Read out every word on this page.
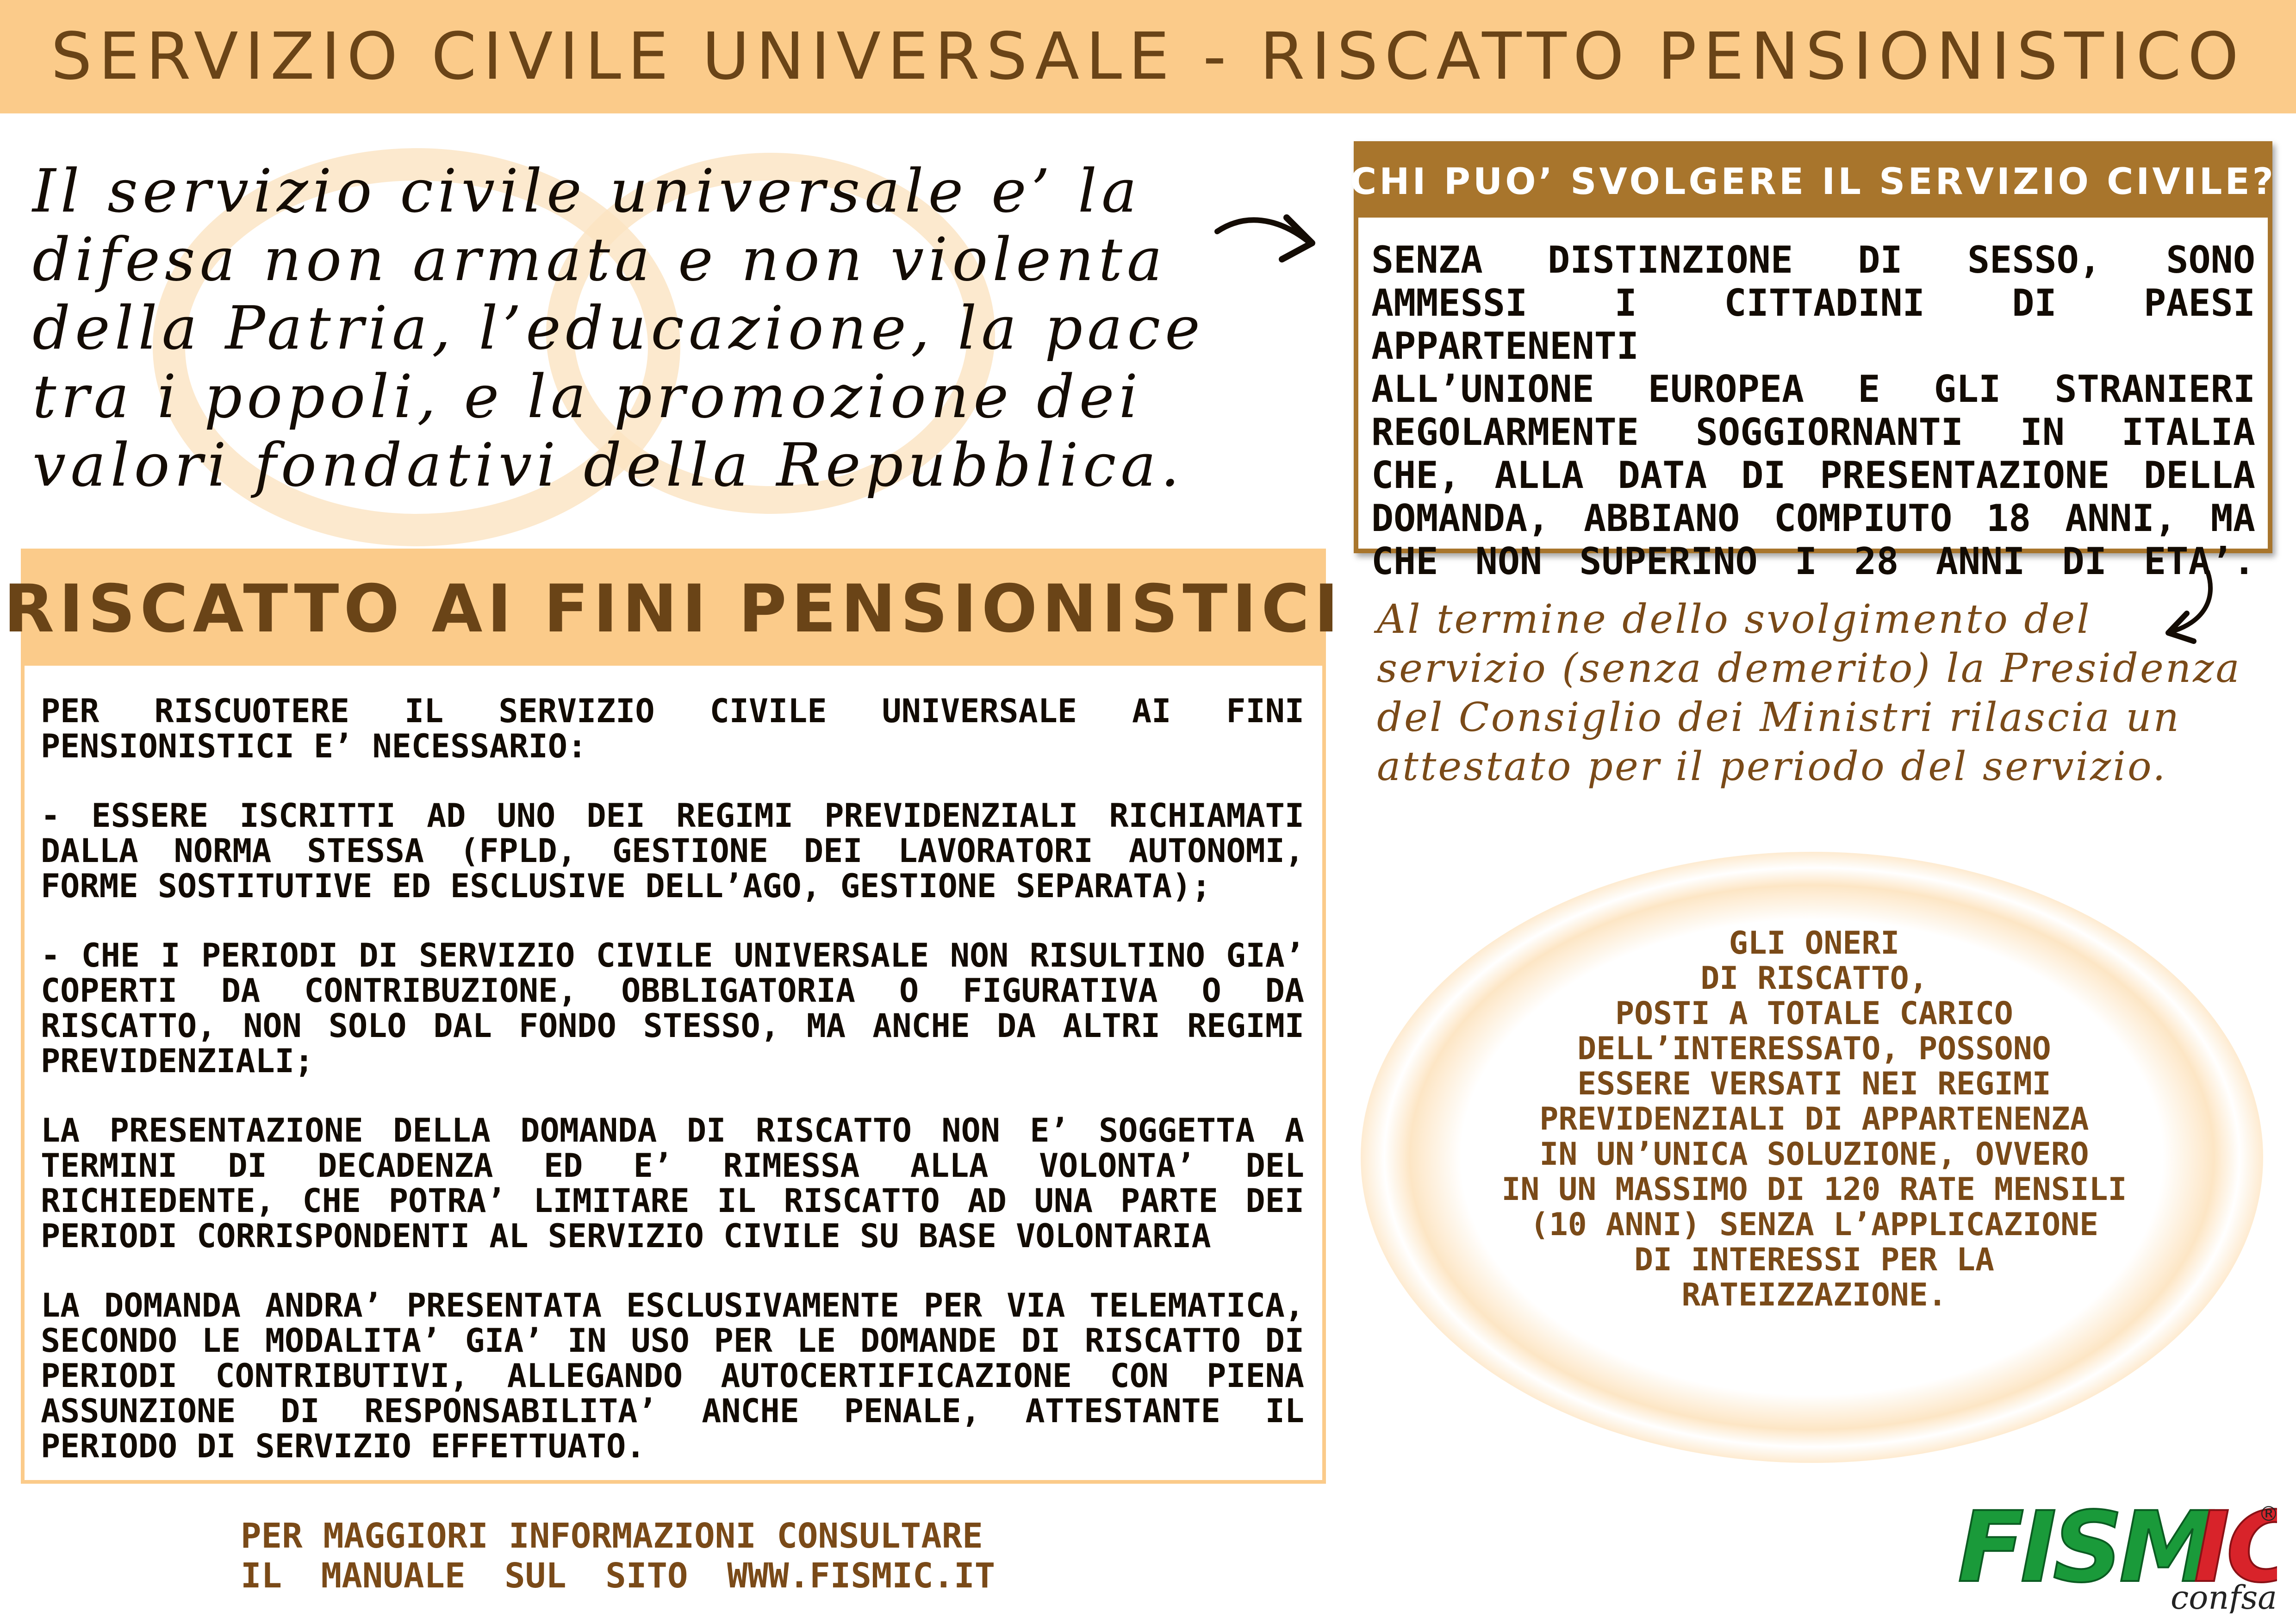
SERVIZIO CIVILE UNIVERSALE - RISCATTO PENSIONISTICO
Il servizio civile universale e’ la
difesa non armata e non violenta
della Patria, l’educazione, la pace
tra i popoli, e la promozione dei
valori fondativi della Repubblica.
CHI PUO’ SVOLGERE IL SERVIZIO CIVILE?
SENZA DISTINZIONE DI SESSO, SONO
AMMESSI I CITTADINI DI PAESI APPARTENENTI
ALL’UNIONE EUROPEA E GLI STRANIERI
REGOLARMENTE SOGGIORNANTI IN ITALIA
CHE, ALLA DATA DI PRESENTAZIONE DELLA
DOMANDA, ABBIANO COMPIUTO 18 ANNI, MA
CHE NON SUPERINO I 28 ANNI DI ETA’.
Al termine dello svolgimento del servizio (senza demerito) la Presidenza del Consiglio dei Ministri rilascia un attestato per il periodo del servizio.
RISCATTO AI FINI PENSIONISTICI

PER RISCUOTERE IL SERVIZIO CIVILE UNIVERSALE AI FINI PENSIONISTICI E’ NECESSARIO:

- ESSERE ISCRITTI AD UNO DEI REGIMI PREVIDENZIALI RICHIAMATI DALLA NORMA STESSA (FPLD, GESTIONE DEI LAVORATORI AUTONOMI, FORME SOSTITUTIVE ED ESCLUSIVE DELL’AGO, GESTIONE SEPARATA);

- CHE I PERIODI DI SERVIZIO CIVILE UNIVERSALE NON RISULTINO GIA’ COPERTI DA CONTRIBUZIONE, OBBLIGATORIA O FIGURATIVA O DA RISCATTO, NON SOLO DAL FONDO STESSO, MA ANCHE DA ALTRI REGIMI PREVIDENZIALI;

LA PRESENTAZIONE DELLA DOMANDA DI RISCATTO NON E’ SOGGETTA A TERMINI DI DECADENZA ED E’ RIMESSA ALLA VOLONTA’ DEL RICHIEDENTE, CHE POTRA’ LIMITARE IL RISCATTO AD UNA PARTE DEI PERIODI CORRISPONDENTI AL SERVIZIO CIVILE SU BASE VOLONTARIA

LA DOMANDA ANDRA’ PRESENTATA ESCLUSIVAMENTE PER VIA TELEMATICA, SECONDO LE MODALITA’ GIA’ IN USO PER LE DOMANDE DI RISCATTO DI PERIODI CONTRIBUTIVI, ALLEGANDO AUTOCERTIFICAZIONE CON PIENA ASSUNZIONE DI RESPONSABILITA’ ANCHE PENALE, ATTESTANTE IL PERIODO DI SERVIZIO EFFETTUATO.

GLI ONERI
DI RISCATTO,
POSTI A TOTALE CARICO
DELL’INTERESSATO, POSSONO
ESSERE VERSATI NEI REGIMI
PREVIDENZIALI DI APPARTENENZA
IN UN’UNICA SOLUZIONE, OVVERO
IN UN MASSIMO DI 120 RATE MENSILI
(10 ANNI) SENZA L’APPLICAZIONE
DI INTERESSI PER LA
RATEIZZAZIONE.
PER MAGGIORI INFORMAZIONI CONSULTARE
IL MANUALE SUL SITO WWW.FISMIC.IT	FISM
I
confsal
®
